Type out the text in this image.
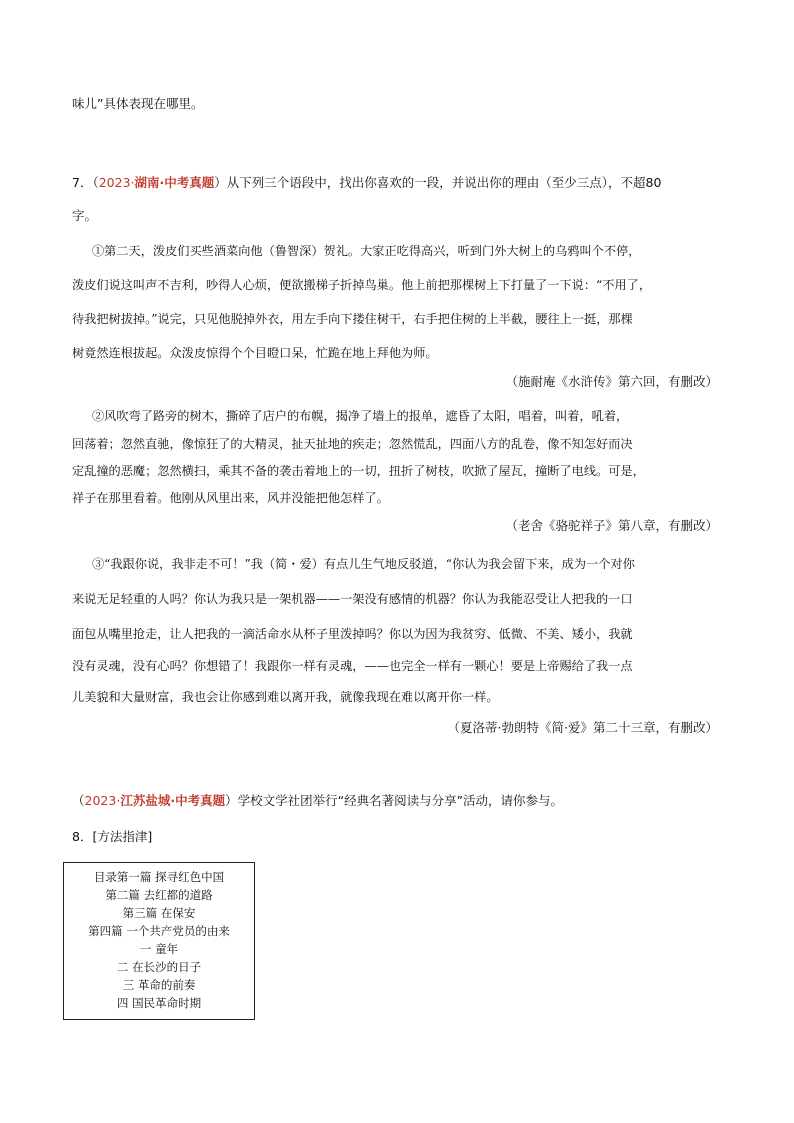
味儿”具体表现在哪里。
7．（2023·湖南·中考真题）从下列三个语段中，找出你喜欢的一段，并说出你的理由（至少三点），不超80
字。
①第二天，泼皮们买些酒菜向他（鲁智深）贺礼。大家正吃得高兴，听到门外大树上的乌鸦叫个不停，
泼皮们说这叫声不吉利，吵得人心烦，便欲搬梯子折掉鸟巢。他上前把那棵树上下打量了一下说：“不用了，
待我把树拔掉。”说完，只见他脱掉外衣，用左手向下搂住树干，右手把住树的上半截，腰往上一挺，那棵
树竟然连根拔起。众泼皮惊得个个目瞪口呆，忙跪在地上拜他为师。
（施耐庵《水浒传》第六回，有删改）
②风吹弯了路旁的树木，撕碎了店户的布幌，揭净了墙上的报单，遮昏了太阳，唱着，叫着，吼着，
回荡着；忽然直驰，像惊狂了的大精灵，扯天扯地的疾走；忽然慌乱，四面八方的乱卷，像不知怎好而决
定乱撞的恶魔；忽然横扫，乘其不备的袭击着地上的一切，扭折了树枝，吹掀了屋瓦，撞断了电线。可是，
祥子在那里看着。他刚从风里出来，风并没能把他怎样了。
（老舍《骆驼祥子》第八章，有删改）
③“我跟你说，我非走不可！”我（简・爱）有点儿生气地反驳道，“你认为我会留下来，成为一个对你
来说无足轻重的人吗？你认为我只是一架机器——一架没有感情的机器？你认为我能忍受让人把我的一口
面包从嘴里抢走，让人把我的一滴活命水从杯子里泼掉吗？你以为因为我贫穷、低微、不美、矮小，我就
没有灵魂，没有心吗？你想错了！我跟你一样有灵魂，——也完全一样有一颗心！要是上帝赐给了我一点
儿美貌和大量财富，我也会让你感到难以离开我，就像我现在难以离开你一样。
（夏洛蒂·勃朗特《简·爱》第二十三章，有删改）
（2023·江苏盐城·中考真题）学校文学社团举行“经典名著阅读与分享”活动，请你参与。
8．[方法指津]
目录第一篇 探寻红色中国
第二篇 去红都的道路
第三篇 在保安
第四篇 一个共产党员的由来
一 童年
二 在长沙的日子
三 革命的前奏
四 国民革命时期
